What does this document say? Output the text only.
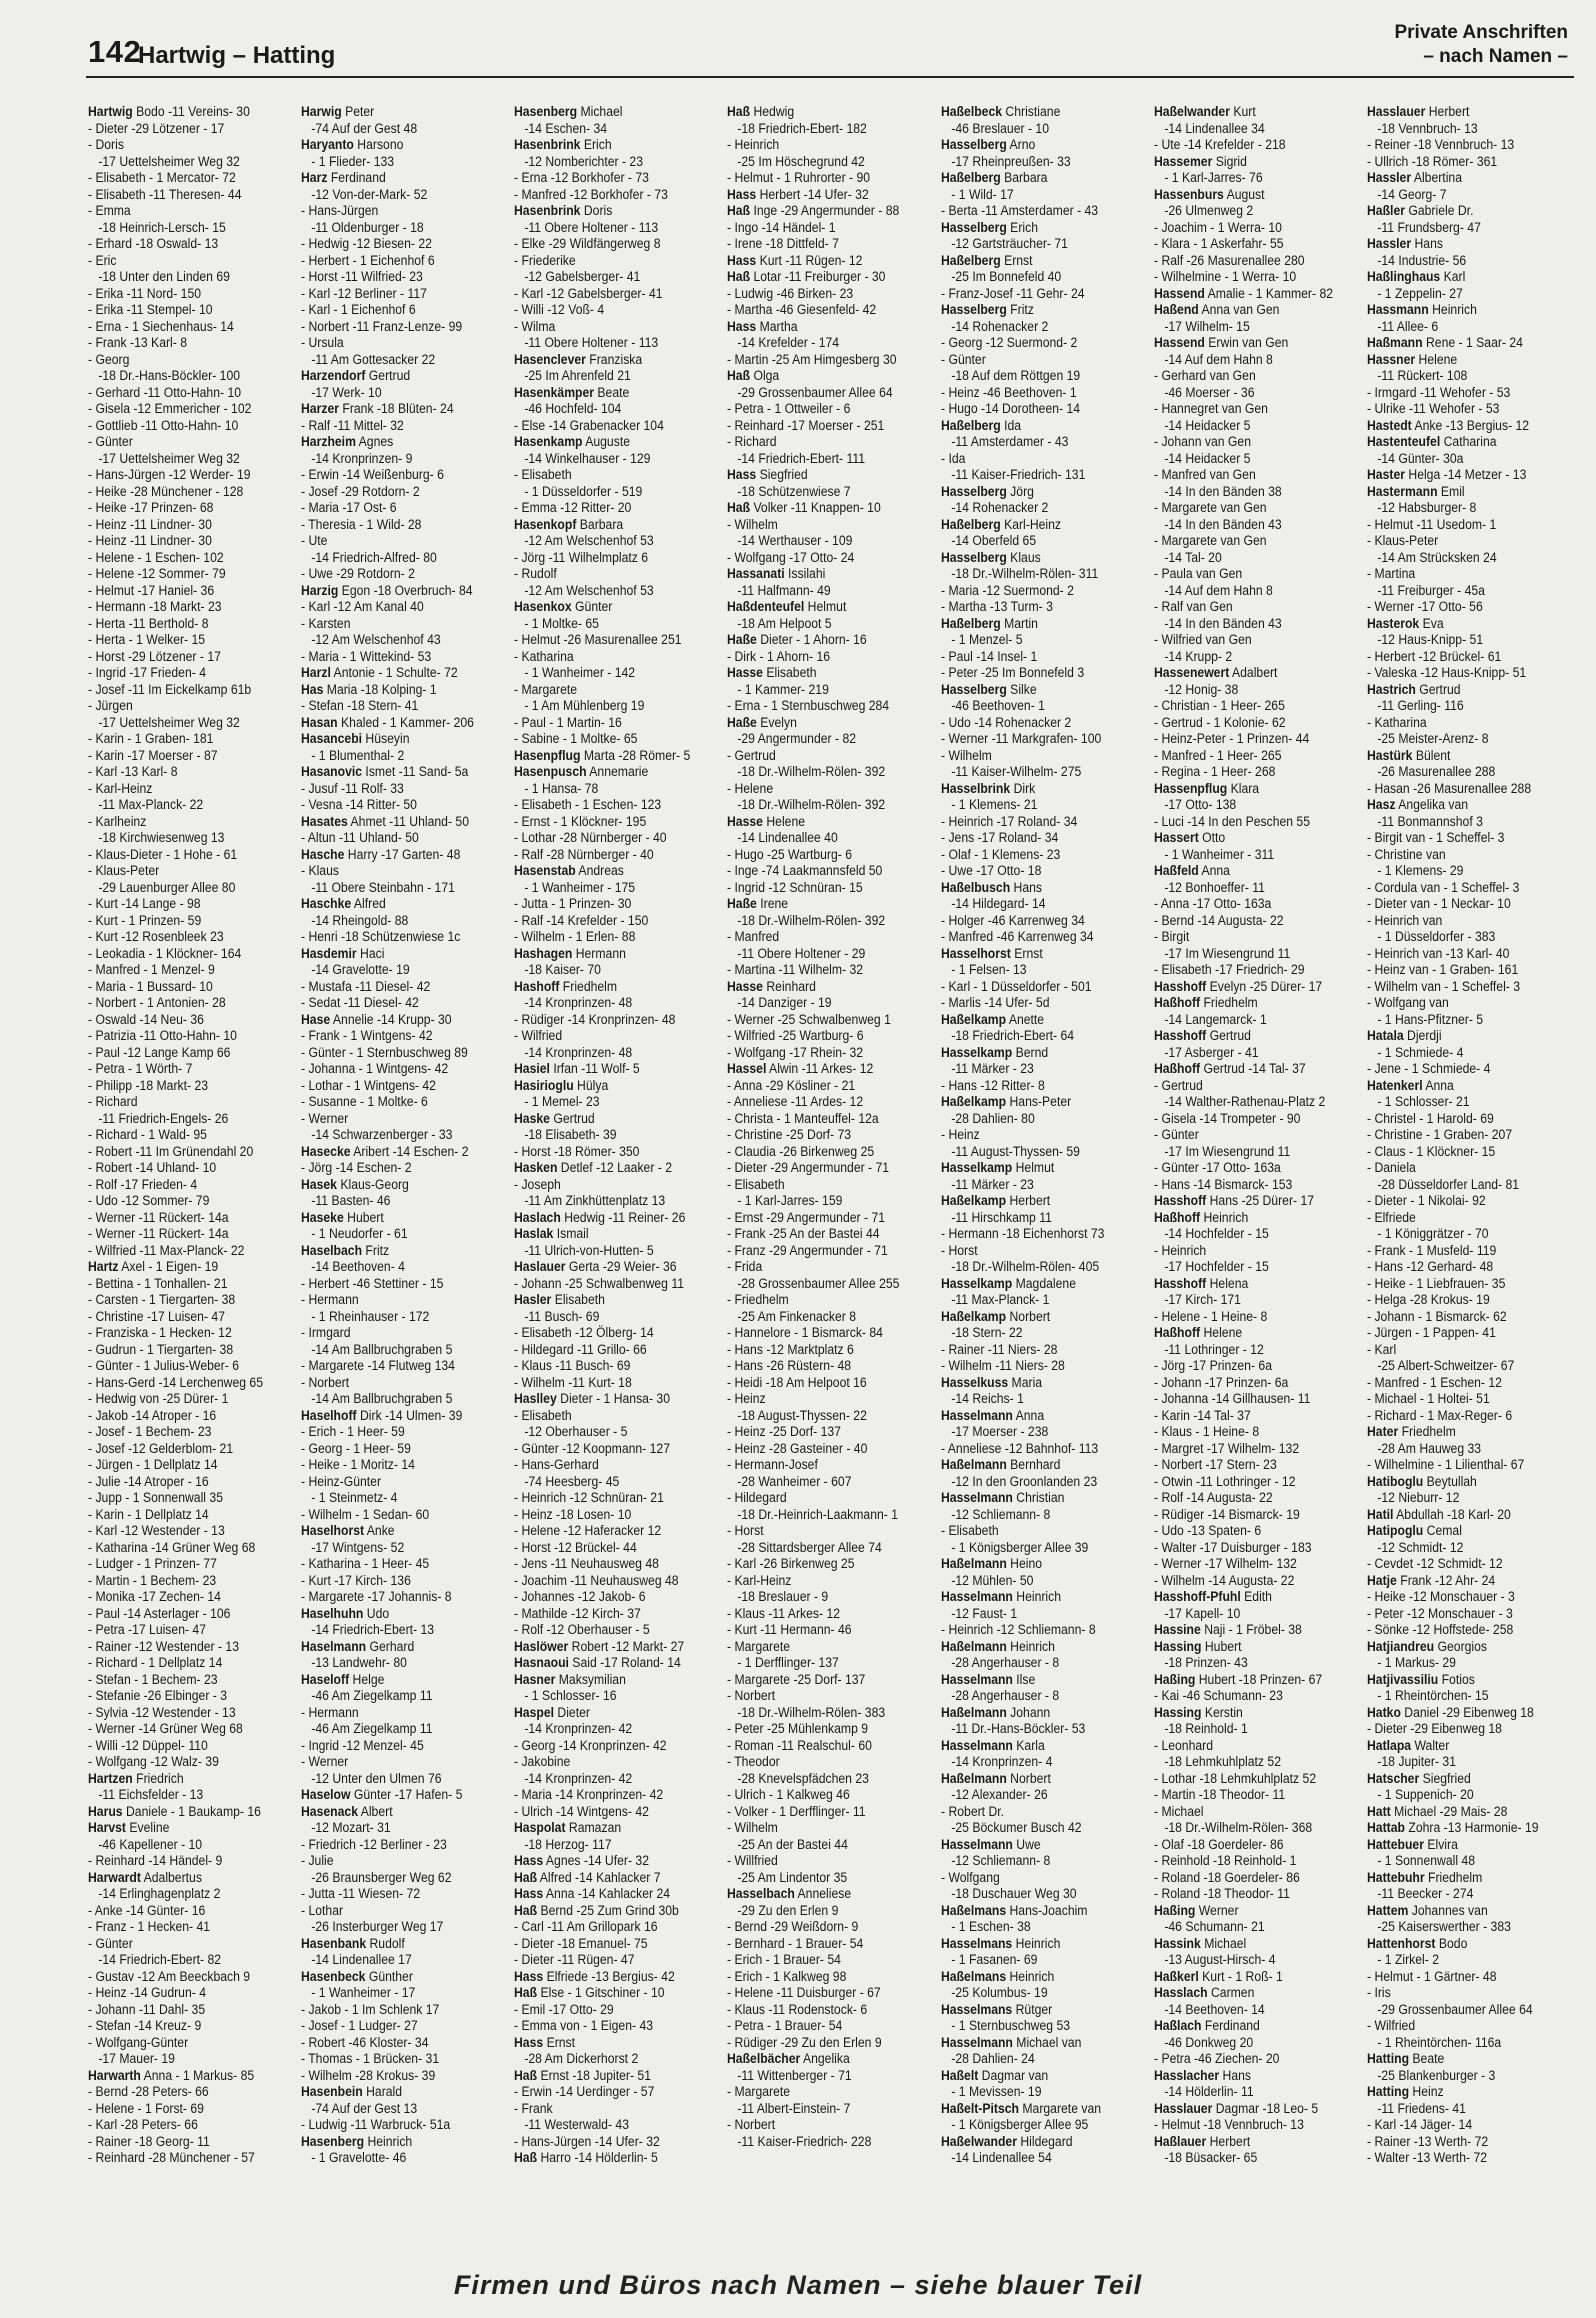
142
Hartwig – Hatting
Private Anschriften
– nach Namen –
Hartwig Bodo -11 Vereins- 30
- Dieter -29 Lötzener - 17
- Doris
-17 Uettelsheimer Weg 32
- Elisabeth - 1 Mercator- 72
- Elisabeth -11 Theresen- 44
- Emma
-18 Heinrich-Lersch- 15
- Erhard -18 Oswald- 13
- Eric
-18 Unter den Linden 69
- Erika -11 Nord- 150
- Erika -11 Stempel- 10
- Erna - 1 Siechenhaus- 14
- Frank -13 Karl- 8
- Georg
-18 Dr.-Hans-Böckler- 100
- Gerhard -11 Otto-Hahn- 10
- Gisela -12 Emmericher - 102
- Gottlieb -11 Otto-Hahn- 10
- Günter
-17 Uettelsheimer Weg 32
- Hans-Jürgen -12 Werder- 19
- Heike -28 Münchener - 128
- Heike -17 Prinzen- 68
- Heinz -11 Lindner- 30
- Heinz -11 Lindner- 30
- Helene - 1 Eschen- 102
- Helene -12 Sommer- 79
- Helmut -17 Haniel- 36
- Hermann -18 Markt- 23
- Herta -11 Berthold- 8
- Herta - 1 Welker- 15
- Horst -29 Lötzener - 17
- Ingrid -17 Frieden- 4
- Josef -11 Im Eickelkamp 61b
- Jürgen
-17 Uettelsheimer Weg 32
- Karin - 1 Graben- 181
- Karin -17 Moerser - 87
- Karl -13 Karl- 8
- Karl-Heinz
-11 Max-Planck- 22
- Karlheinz
-18 Kirchwiesenweg 13
- Klaus-Dieter - 1 Hohe - 61
- Klaus-Peter
-29 Lauenburger Allee 80
- Kurt -14 Lange - 98
- Kurt - 1 Prinzen- 59
- Kurt -12 Rosenbleek 23
- Leokadia - 1 Klöckner- 164
- Manfred - 1 Menzel- 9
- Maria - 1 Bussard- 10
- Norbert - 1 Antonien- 28
- Oswald -14 Neu- 36
- Patrizia -11 Otto-Hahn- 10
- Paul -12 Lange Kamp 66
- Petra - 1 Wörth- 7
- Philipp -18 Markt- 23
- Richard
-11 Friedrich-Engels- 26
- Richard - 1 Wald- 95
- Robert -11 Im Grünendahl 20
- Robert -14 Uhland- 10
- Rolf -17 Frieden- 4
- Udo -12 Sommer- 79
- Werner -11 Rückert- 14a
- Werner -11 Rückert- 14a
- Wilfried -11 Max-Planck- 22
Hartz Axel - 1 Eigen- 19
- Bettina - 1 Tonhallen- 21
- Carsten - 1 Tiergarten- 38
- Christine -17 Luisen- 47
- Franziska - 1 Hecken- 12
- Gudrun - 1 Tiergarten- 38
- Günter - 1 Julius-Weber- 6
- Hans-Gerd -14 Lerchenweg 65
- Hedwig von -25 Dürer- 1
- Jakob -14 Atroper - 16
- Josef - 1 Bechem- 23
- Josef -12 Gelderblom- 21
- Jürgen - 1 Dellplatz 14
- Julie -14 Atroper - 16
- Jupp - 1 Sonnenwall 35
- Karin - 1 Dellplatz 14
- Karl -12 Westender - 13
- Katharina -14 Grüner Weg 68
- Ludger - 1 Prinzen- 77
- Martin - 1 Bechem- 23
- Monika -17 Zechen- 14
- Paul -14 Asterlager - 106
- Petra -17 Luisen- 47
- Rainer -12 Westender - 13
- Richard - 1 Dellplatz 14
- Stefan - 1 Bechem- 23
- Stefanie -26 Elbinger - 3
- Sylvia -12 Westender - 13
- Werner -14 Grüner Weg 68
- Willi -12 Düppel- 110
- Wolfgang -12 Walz- 39
Hartzen Friedrich
-11 Eichsfelder - 13
Harus Daniele - 1 Baukamp- 16
Harvst Eveline
-46 Kapellener - 10
- Reinhard -14 Händel- 9
Harwardt Adalbertus
-14 Erlinghagenplatz 2
- Anke -14 Günter- 16
- Franz - 1 Hecken- 41
- Günter
-14 Friedrich-Ebert- 82
- Gustav -12 Am Beeckbach 9
- Heinz -14 Gudrun- 4
- Johann -11 Dahl- 35
- Stefan -14 Kreuz- 9
- Wolfgang-Günter
-17 Mauer- 19
Harwarth Anna - 1 Markus- 85
- Bernd -28 Peters- 66
- Helene - 1 Forst- 69
- Karl -28 Peters- 66
- Rainer -18 Georg- 11
- Reinhard -28 Münchener - 57
Harwig Peter
-74 Auf der Gest 48
Haryanto Harsono
- 1 Flieder- 133
Harz Ferdinand
-12 Von-der-Mark- 52
- Hans-Jürgen
-11 Oldenburger - 18
- Hedwig -12 Biesen- 22
- Herbert - 1 Eichenhof 6
- Horst -11 Wilfried- 23
- Karl -12 Berliner - 117
- Karl - 1 Eichenhof 6
- Norbert -11 Franz-Lenze- 99
- Ursula
-11 Am Gottesacker 22
Harzendorf Gertrud
-17 Werk- 10
Harzer Frank -18 Blüten- 24
- Ralf -11 Mittel- 32
Harzheim Agnes
-14 Kronprinzen- 9
- Erwin -14 Weißenburg- 6
- Josef -29 Rotdorn- 2
- Maria -17 Ost- 6
- Theresia - 1 Wild- 28
- Ute
-14 Friedrich-Alfred- 80
- Uwe -29 Rotdorn- 2
Harzig Egon -18 Overbruch- 84
- Karl -12 Am Kanal 40
- Karsten
-12 Am Welschenhof 43
- Maria - 1 Wittekind- 53
Harzl Antonie - 1 Schulte- 72
Has Maria -18 Kolping- 1
- Stefan -18 Stern- 41
Hasan Khaled - 1 Kammer- 206
Hasancebi Hüseyin
- 1 Blumenthal- 2
Hasanovic Ismet -11 Sand- 5a
- Jusuf -11 Rolf- 33
- Vesna -14 Ritter- 50
Hasates Ahmet -11 Uhland- 50
- Altun -11 Uhland- 50
Hasche Harry -17 Garten- 48
- Klaus
-11 Obere Steinbahn - 171
Haschke Alfred
-14 Rheingold- 88
- Henri -18 Schützenwiese 1c
Hasdemir Haci
-14 Gravelotte- 19
- Mustafa -11 Diesel- 42
- Sedat -11 Diesel- 42
Hase Annelie -14 Krupp- 30
- Frank - 1 Wintgens- 42
- Günter - 1 Sternbuschweg 89
- Johanna - 1 Wintgens- 42
- Lothar - 1 Wintgens- 42
- Susanne - 1 Moltke- 6
- Werner
-14 Schwarzenberger - 33
Hasecke Aribert -14 Eschen- 2
- Jörg -14 Eschen- 2
Hasek Klaus-Georg
-11 Basten- 46
Haseke Hubert
- 1 Neudorfer - 61
Haselbach Fritz
-14 Beethoven- 4
- Herbert -46 Stettiner - 15
- Hermann
- 1 Rheinhauser - 172
- Irmgard
-14 Am Ballbruchgraben 5
- Margarete -14 Flutweg 134
- Norbert
-14 Am Ballbruchgraben 5
Haselhoff Dirk -14 Ulmen- 39
- Erich - 1 Heer- 59
- Georg - 1 Heer- 59
- Heike - 1 Moritz- 14
- Heinz-Günter
- 1 Steinmetz- 4
- Wilhelm - 1 Sedan- 60
Haselhorst Anke
-17 Wintgens- 52
- Katharina - 1 Heer- 45
- Kurt -17 Kirch- 136
- Margarete -17 Johannis- 8
Haselhuhn Udo
-14 Friedrich-Ebert- 13
Haselmann Gerhard
-13 Landwehr- 80
Haseloff Helge
-46 Am Ziegelkamp 11
- Hermann
-46 Am Ziegelkamp 11
- Ingrid -12 Menzel- 45
- Werner
-12 Unter den Ulmen 76
Haselow Günter -17 Hafen- 5
Hasenack Albert
-12 Mozart- 31
- Friedrich -12 Berliner - 23
- Julie
-26 Braunsberger Weg 62
- Jutta -11 Wiesen- 72
- Lothar
-26 Insterburger Weg 17
Hasenbank Rudolf
-14 Lindenallee 17
Hasenbeck Günther
- 1 Wanheimer - 17
- Jakob - 1 Im Schlenk 17
- Josef - 1 Ludger- 27
- Robert -46 Kloster- 34
- Thomas - 1 Brücken- 31
- Wilhelm -28 Krokus- 39
Hasenbein Harald
-74 Auf der Gest 13
- Ludwig -11 Warbruck- 51a
Hasenberg Heinrich
- 1 Gravelotte- 46
Hasenberg Michael
-14 Eschen- 34
Hasenbrink Erich
-12 Nomberichter - 23
- Erna -12 Borkhofer - 73
- Manfred -12 Borkhofer - 73
Hasenbrink Doris
-11 Obere Holtener - 113
- Elke -29 Wildfängerweg 8
- Friederike
-12 Gabelsberger- 41
- Karl -12 Gabelsberger- 41
- Willi -12 Voß- 4
- Wilma
-11 Obere Holtener - 113
Hasenclever Franziska
-25 Im Ahrenfeld 21
Hasenkämper Beate
-46 Hochfeld- 104
- Else -14 Grabenacker 104
Hasenkamp Auguste
-14 Winkelhauser - 129
- Elisabeth
- 1 Düsseldorfer - 519
- Emma -12 Ritter- 20
Hasenkopf Barbara
-12 Am Welschenhof 53
- Jörg -11 Wilhelmplatz 6
- Rudolf
-12 Am Welschenhof 53
Hasenkox Günter
- 1 Moltke- 65
- Helmut -26 Masurenallee 251
- Katharina
- 1 Wanheimer - 142
- Margarete
- 1 Am Mühlenberg 19
- Paul - 1 Martin- 16
- Sabine - 1 Moltke- 65
Hasenpflug Marta -28 Römer- 5
Hasenpusch Annemarie
- 1 Hansa- 78
- Elisabeth - 1 Eschen- 123
- Ernst - 1 Klöckner- 195
- Lothar -28 Nürnberger - 40
- Ralf -28 Nürnberger - 40
Hasenstab Andreas
- 1 Wanheimer - 175
- Jutta - 1 Prinzen- 30
- Ralf -14 Krefelder - 150
- Wilhelm - 1 Erlen- 88
Hashagen Hermann
-18 Kaiser- 70
Hashoff Friedhelm
-14 Kronprinzen- 48
- Rüdiger -14 Kronprinzen- 48
- Wilfried
-14 Kronprinzen- 48
Hasiel Irfan -11 Wolf- 5
Hasirioglu Hülya
- 1 Memel- 23
Haske Gertrud
-18 Elisabeth- 39
- Horst -18 Römer- 350
Hasken Detlef -12 Laaker - 2
- Joseph
-11 Am Zinkhüttenplatz 13
Haslach Hedwig -11 Reiner- 26
Haslak Ismail
-11 Ulrich-von-Hutten- 5
Haslauer Gerta -29 Weier- 36
- Johann -25 Schwalbenweg 11
Hasler Elisabeth
-11 Busch- 69
- Elisabeth -12 Ölberg- 14
- Hildegard -11 Grillo- 66
- Klaus -11 Busch- 69
- Wilhelm -11 Kurt- 18
Haslley Dieter - 1 Hansa- 30
- Elisabeth
-12 Oberhauser - 5
- Günter -12 Koopmann- 127
- Hans-Gerhard
-74 Heesberg- 45
- Heinrich -12 Schnüran- 21
- Heinz -18 Losen- 10
- Helene -12 Haferacker 12
- Horst -12 Brückel- 44
- Jens -11 Neuhausweg 48
- Joachim -11 Neuhausweg 48
- Johannes -12 Jakob- 6
- Mathilde -12 Kirch- 37
- Rolf -12 Oberhauser - 5
Haslöwer Robert -12 Markt- 27
Hasnaoui Said -17 Roland- 14
Hasner Maksymilian
- 1 Schlosser- 16
Haspel Dieter
-14 Kronprinzen- 42
- Georg -14 Kronprinzen- 42
- Jakobine
-14 Kronprinzen- 42
- Maria -14 Kronprinzen- 42
- Ulrich -14 Wintgens- 42
Haspolat Ramazan
-18 Herzog- 117
Hass Agnes -14 Ufer- 32
Haß Alfred -14 Kahlacker 7
Hass Anna -14 Kahlacker 24
Haß Bernd -25 Zum Grind 30b
- Carl -11 Am Grillopark 16
- Dieter -18 Emanuel- 75
- Dieter -11 Rügen- 47
Hass Elfriede -13 Bergius- 42
Haß Else - 1 Gitschiner - 10
- Emil -17 Otto- 29
- Emma von - 1 Eigen- 43
Hass Ernst
-28 Am Dickerhorst 2
Haß Ernst -18 Jupiter- 51
- Erwin -14 Uerdinger - 57
- Frank
-11 Westerwald- 43
- Hans-Jürgen -14 Ufer- 32
Haß Harro -14 Hölderlin- 5
Haß Hedwig
-18 Friedrich-Ebert- 182
- Heinrich
-25 Im Höschegrund 42
- Helmut - 1 Ruhrorter - 90
Hass Herbert -14 Ufer- 32
Haß Inge -29 Angermunder - 88
- Ingo -14 Händel- 1
- Irene -18 Dittfeld- 7
Hass Kurt -11 Rügen- 12
Haß Lotar -11 Freiburger - 30
- Ludwig -46 Birken- 23
- Martha -46 Giesenfeld- 42
Hass Martha
-14 Krefelder - 174
- Martin -25 Am Himgesberg 30
Haß Olga
-29 Grossenbaumer Allee 64
- Petra - 1 Ottweiler - 6
- Reinhard -17 Moerser - 251
- Richard
-14 Friedrich-Ebert- 111
Hass Siegfried
-18 Schützenwiese 7
Haß Volker -11 Knappen- 10
- Wilhelm
-14 Werthauser - 109
- Wolfgang -17 Otto- 24
Hassanati Issilahi
-11 Halfmann- 49
Haßdenteufel Helmut
-18 Am Helpoot 5
Haße Dieter - 1 Ahorn- 16
- Dirk - 1 Ahorn- 16
Hasse Elisabeth
- 1 Kammer- 219
- Erna - 1 Sternbuschweg 284
Haße Evelyn
-29 Angermunder - 82
- Gertrud
-18 Dr.-Wilhelm-Rölen- 392
- Helene
-18 Dr.-Wilhelm-Rölen- 392
Hasse Helene
-14 Lindenallee 40
- Hugo -25 Wartburg- 6
- Inge -74 Laakmannsfeld 50
- Ingrid -12 Schnüran- 15
Haße Irene
-18 Dr.-Wilhelm-Rölen- 392
- Manfred
-11 Obere Holtener - 29
- Martina -11 Wilhelm- 32
Hasse Reinhard
-14 Danziger - 19
- Werner -25 Schwalbenweg 1
- Wilfried -25 Wartburg- 6
- Wolfgang -17 Rhein- 32
Hassel Alwin -11 Arkes- 12
- Anna -29 Kösliner - 21
- Anneliese -11 Ardes- 12
- Christa - 1 Manteuffel- 12a
- Christine -25 Dorf- 73
- Claudia -26 Birkenweg 25
- Dieter -29 Angermunder - 71
- Elisabeth
- 1 Karl-Jarres- 159
- Ernst -29 Angermunder - 71
- Frank -25 An der Bastei 44
- Franz -29 Angermunder - 71
- Frida
-28 Grossenbaumer Allee 255
- Friedhelm
-25 Am Finkenacker 8
- Hannelore - 1 Bismarck- 84
- Hans -12 Marktplatz 6
- Hans -26 Rüstern- 48
- Heidi -18 Am Helpoot 16
- Heinz
-18 August-Thyssen- 22
- Heinz -25 Dorf- 137
- Heinz -28 Gasteiner - 40
- Hermann-Josef
-28 Wanheimer - 607
- Hildegard
-18 Dr.-Heinrich-Laakmann- 1
- Horst
-28 Sittardsberger Allee 74
- Karl -26 Birkenweg 25
- Karl-Heinz
-18 Breslauer - 9
- Klaus -11 Arkes- 12
- Kurt -11 Hermann- 46
- Margarete
- 1 Derfflinger- 137
- Margarete -25 Dorf- 137
- Norbert
-18 Dr.-Wilhelm-Rölen- 383
- Peter -25 Mühlenkamp 9
- Roman -11 Realschul- 60
- Theodor
-28 Knevelspfädchen 23
- Ulrich - 1 Kalkweg 46
- Volker - 1 Derfflinger- 11
- Wilhelm
-25 An der Bastei 44
- Willfried
-25 Am Lindentor 35
Hasselbach Anneliese
-29 Zu den Erlen 9
- Bernd -29 Weißdorn- 9
- Bernhard - 1 Brauer- 54
- Erich - 1 Brauer- 54
- Erich - 1 Kalkweg 98
- Helene -11 Duisburger - 67
- Klaus -11 Rodenstock- 6
- Petra - 1 Brauer- 54
- Rüdiger -29 Zu den Erlen 9
Haßelbächer Angelika
-11 Wittenberger - 71
- Margarete
-11 Albert-Einstein- 7
- Norbert
-11 Kaiser-Friedrich- 228
Haßelbeck Christiane
-46 Breslauer - 10
Hasselberg Arno
-17 Rheinpreußen- 33
Haßelberg Barbara
- 1 Wild- 17
- Berta -11 Amsterdamer - 43
Hasselberg Erich
-12 Gartsträucher- 71
Haßelberg Ernst
-25 Im Bonnefeld 40
- Franz-Josef -11 Gehr- 24
Hasselberg Fritz
-14 Rohenacker 2
- Georg -12 Suermond- 2
- Günter
-18 Auf dem Röttgen 19
- Heinz -46 Beethoven- 1
- Hugo -14 Dorotheen- 14
Haßelberg Ida
-11 Amsterdamer - 43
- Ida
-11 Kaiser-Friedrich- 131
Hasselberg Jörg
-14 Rohenacker 2
Haßelberg Karl-Heinz
-14 Oberfeld 65
Hasselberg Klaus
-18 Dr.-Wilhelm-Rölen- 311
- Maria -12 Suermond- 2
- Martha -13 Turm- 3
Haßelberg Martin
- 1 Menzel- 5
- Paul -14 Insel- 1
- Peter -25 Im Bonnefeld 3
Hasselberg Silke
-46 Beethoven- 1
- Udo -14 Rohenacker 2
- Werner -11 Markgrafen- 100
- Wilhelm
-11 Kaiser-Wilhelm- 275
Hasselbrink Dirk
- 1 Klemens- 21
- Heinrich -17 Roland- 34
- Jens -17 Roland- 34
- Olaf - 1 Klemens- 23
- Uwe -17 Otto- 18
Haßelbusch Hans
-14 Hildegard- 14
- Holger -46 Karrenweg 34
- Manfred -46 Karrenweg 34
Hasselhorst Ernst
- 1 Felsen- 13
- Karl - 1 Düsseldorfer - 501
- Marlis -14 Ufer- 5d
Haßelkamp Anette
-18 Friedrich-Ebert- 64
Hasselkamp Bernd
-11 Märker - 23
- Hans -12 Ritter- 8
Haßelkamp Hans-Peter
-28 Dahlien- 80
- Heinz
-11 August-Thyssen- 59
Hasselkamp Helmut
-11 Märker - 23
Haßelkamp Herbert
-11 Hirschkamp 11
- Hermann -18 Eichenhorst 73
- Horst
-18 Dr.-Wilhelm-Rölen- 405
Hasselkamp Magdalene
-11 Max-Planck- 1
Haßelkamp Norbert
-18 Stern- 22
- Rainer -11 Niers- 28
- Wilhelm -11 Niers- 28
Hasselkuss Maria
-14 Reichs- 1
Hasselmann Anna
-17 Moerser - 238
- Anneliese -12 Bahnhof- 113
Haßelmann Bernhard
-12 In den Groonlanden 23
Hasselmann Christian
-12 Schliemann- 8
- Elisabeth
- 1 Königsberger Allee 39
Haßelmann Heino
-12 Mühlen- 50
Hasselmann Heinrich
-12 Faust- 1
- Heinrich -12 Schliemann- 8
Haßelmann Heinrich
-28 Angerhauser - 8
Hasselmann Ilse
-28 Angerhauser - 8
Haßelmann Johann
-11 Dr.-Hans-Böckler- 53
Hasselmann Karla
-14 Kronprinzen- 4
Haßelmann Norbert
-12 Alexander- 26
- Robert Dr.
-25 Böckumer Busch 42
Hasselmann Uwe
-12 Schliemann- 8
- Wolfgang
-18 Duschauer Weg 30
Haßelmans Hans-Joachim
- 1 Eschen- 38
Hasselmans Heinrich
- 1 Fasanen- 69
Haßelmans Heinrich
-25 Kolumbus- 19
Hasselmans Rütger
- 1 Sternbuschweg 53
Hasselmann Michael van
-28 Dahlien- 24
Haßelt Dagmar van
- 1 Mevissen- 19
Haßelt-Pitsch Margarete van
- 1 Königsberger Allee 95
Haßelwander Hildegard
-14 Lindenallee 54
Haßelwander Kurt
-14 Lindenallee 34
- Ute -14 Krefelder - 218
Hassemer Sigrid
- 1 Karl-Jarres- 76
Hassenburs August
-26 Ulmenweg 2
- Joachim - 1 Werra- 10
- Klara - 1 Askerfahr- 55
- Ralf -26 Masurenallee 280
- Wilhelmine - 1 Werra- 10
Hassend Amalie - 1 Kammer- 82
Haßend Anna van Gen
-17 Wilhelm- 15
Hassend Erwin van Gen
-14 Auf dem Hahn 8
- Gerhard van Gen
-46 Moerser - 36
- Hannegret van Gen
-14 Heidacker 5
- Johann van Gen
-14 Heidacker 5
- Manfred van Gen
-14 In den Bänden 38
- Margarete van Gen
-14 In den Bänden 43
- Margarete van Gen
-14 Tal- 20
- Paula van Gen
-14 Auf dem Hahn 8
- Ralf van Gen
-14 In den Bänden 43
- Wilfried van Gen
-14 Krupp- 2
Hassenewert Adalbert
-12 Honig- 38
- Christian - 1 Heer- 265
- Gertrud - 1 Kolonie- 62
- Heinz-Peter - 1 Prinzen- 44
- Manfred - 1 Heer- 265
- Regina - 1 Heer- 268
Hassenpflug Klara
-17 Otto- 138
- Luci -14 In den Peschen 55
Hassert Otto
- 1 Wanheimer - 311
Haßfeld Anna
-12 Bonhoeffer- 11
- Anna -17 Otto- 163a
- Bernd -14 Augusta- 22
- Birgit
-17 Im Wiesengrund 11
- Elisabeth -17 Friedrich- 29
Hasshoff Evelyn -25 Dürer- 17
Haßhoff Friedhelm
-14 Langemarck- 1
Hasshoff Gertrud
-17 Asberger - 41
Haßhoff Gertrud -14 Tal- 37
- Gertrud
-14 Walther-Rathenau-Platz 2
- Gisela -14 Trompeter - 90
- Günter
-17 Im Wiesengrund 11
- Günter -17 Otto- 163a
- Hans -14 Bismarck- 153
Hasshoff Hans -25 Dürer- 17
Haßhoff Heinrich
-14 Hochfelder - 15
- Heinrich
-17 Hochfelder - 15
Hasshoff Helena
-17 Kirch- 171
- Helene - 1 Heine- 8
Haßhoff Helene
-11 Lothringer - 12
- Jörg -17 Prinzen- 6a
- Johann -17 Prinzen- 6a
- Johanna -14 Gillhausen- 11
- Karin -14 Tal- 37
- Klaus - 1 Heine- 8
- Margret -17 Wilhelm- 132
- Norbert -17 Stern- 23
- Otwin -11 Lothringer - 12
- Rolf -14 Augusta- 22
- Rüdiger -14 Bismarck- 19
- Udo -13 Spaten- 6
- Walter -17 Duisburger - 183
- Werner -17 Wilhelm- 132
- Wilhelm -14 Augusta- 22
Hasshoff-Pfuhl Edith
-17 Kapell- 10
Hassine Naji - 1 Fröbel- 38
Hassing Hubert
-18 Prinzen- 43
Haßing Hubert -18 Prinzen- 67
- Kai -46 Schumann- 23
Hassing Kerstin
-18 Reinhold- 1
- Leonhard
-18 Lehmkuhlplatz 52
- Lothar -18 Lehmkuhlplatz 52
- Martin -18 Theodor- 11
- Michael
-18 Dr.-Wilhelm-Rölen- 368
- Olaf -18 Goerdeler- 86
- Reinhold -18 Reinhold- 1
- Roland -18 Goerdeler- 86
- Roland -18 Theodor- 11
Haßing Werner
-46 Schumann- 21
Hassink Michael
-13 August-Hirsch- 4
Haßkerl Kurt - 1 Roß- 1
Hasslach Carmen
-14 Beethoven- 14
Haßlach Ferdinand
-46 Donkweg 20
- Petra -46 Ziechen- 20
Hasslacher Hans
-14 Hölderlin- 11
Hasslauer Dagmar -18 Leo- 5
- Helmut -18 Vennbruch- 13
Haßlauer Herbert
-18 Büsacker- 65
Hasslauer Herbert
-18 Vennbruch- 13
- Reiner -18 Vennbruch- 13
- Ullrich -18 Römer- 361
Hassler Albertina
-14 Georg- 7
Haßler Gabriele Dr.
-11 Frundsberg- 47
Hassler Hans
-14 Industrie- 56
Haßlinghaus Karl
- 1 Zeppelin- 27
Hassmann Heinrich
-11 Allee- 6
Haßmann Rene - 1 Saar- 24
Hassner Helene
-11 Rückert- 108
- Irmgard -11 Wehofer - 53
- Ulrike -11 Wehofer - 53
Hastedt Anke -13 Bergius- 12
Hastenteufel Catharina
-14 Günter- 30a
Haster Helga -14 Metzer - 13
Hastermann Emil
-12 Habsburger- 8
- Helmut -11 Usedom- 1
- Klaus-Peter
-14 Am Strücksken 24
- Martina
-11 Freiburger - 45a
- Werner -17 Otto- 56
Hasterok Eva
-12 Haus-Knipp- 51
- Herbert -12 Brückel- 61
- Valeska -12 Haus-Knipp- 51
Hastrich Gertrud
-11 Gerling- 116
- Katharina
-25 Meister-Arenz- 8
Hastürk Bülent
-26 Masurenallee 288
- Hasan -26 Masurenallee 288
Hasz Angelika van
-11 Bonmannshof 3
- Birgit van - 1 Scheffel- 3
- Christine van
- 1 Klemens- 29
- Cordula van - 1 Scheffel- 3
- Dieter van - 1 Neckar- 10
- Heinrich van
- 1 Düsseldorfer - 383
- Heinrich van -13 Karl- 40
- Heinz van - 1 Graben- 161
- Wilhelm van - 1 Scheffel- 3
- Wolfgang van
- 1 Hans-Pfitzner- 5
Hatala Djerdji
- 1 Schmiede- 4
- Jene - 1 Schmiede- 4
Hatenkerl Anna
- 1 Schlosser- 21
- Christel - 1 Harold- 69
- Christine - 1 Graben- 207
- Claus - 1 Klöckner- 15
- Daniela
-28 Düsseldorfer Land- 81
- Dieter - 1 Nikolai- 92
- Elfriede
- 1 Königgrätzer - 70
- Frank - 1 Musfeld- 119
- Hans -12 Gerhard- 48
- Heike - 1 Liebfrauen- 35
- Helga -28 Krokus- 19
- Johann - 1 Bismarck- 62
- Jürgen - 1 Pappen- 41
- Karl
-25 Albert-Schweitzer- 67
- Manfred - 1 Eschen- 12
- Michael - 1 Holtei- 51
- Richard - 1 Max-Reger- 6
Hater Friedhelm
-28 Am Hauweg 33
- Wilhelmine - 1 Lilienthal- 67
Hatiboglu Beytullah
-12 Nieburr- 12
Hatil Abdullah -18 Karl- 20
Hatipoglu Cemal
-12 Schmidt- 12
- Cevdet -12 Schmidt- 12
Hatje Frank -12 Ahr- 24
- Heike -12 Monschauer - 3
- Peter -12 Monschauer - 3
- Sönke -12 Hoffstede- 258
Hatjiandreu Georgios
- 1 Markus- 29
Hatjivassiliu Fotios
- 1 Rheintörchen- 15
Hatko Daniel -29 Eibenweg 18
- Dieter -29 Eibenweg 18
Hatlapa Walter
-18 Jupiter- 31
Hatscher Siegfried
- 1 Suppenich- 20
Hatt Michael -29 Mais- 28
Hattab Zohra -13 Harmonie- 19
Hattebuer Elvira
- 1 Sonnenwall 48
Hattebuhr Friedhelm
-11 Beecker - 274
Hattem Johannes van
-25 Kaiserswerther - 383
Hattenhorst Bodo
- 1 Zirkel- 2
- Helmut - 1 Gärtner- 48
- Iris
-29 Grossenbaumer Allee 64
- Wilfried
- 1 Rheintörchen- 116a
Hatting Beate
-25 Blankenburger - 3
Hatting Heinz
-11 Friedens- 41
- Karl -14 Jäger- 14
- Rainer -13 Werth- 72
- Walter -13 Werth- 72
Firmen und Büros nach Namen – siehe blauer Teil
